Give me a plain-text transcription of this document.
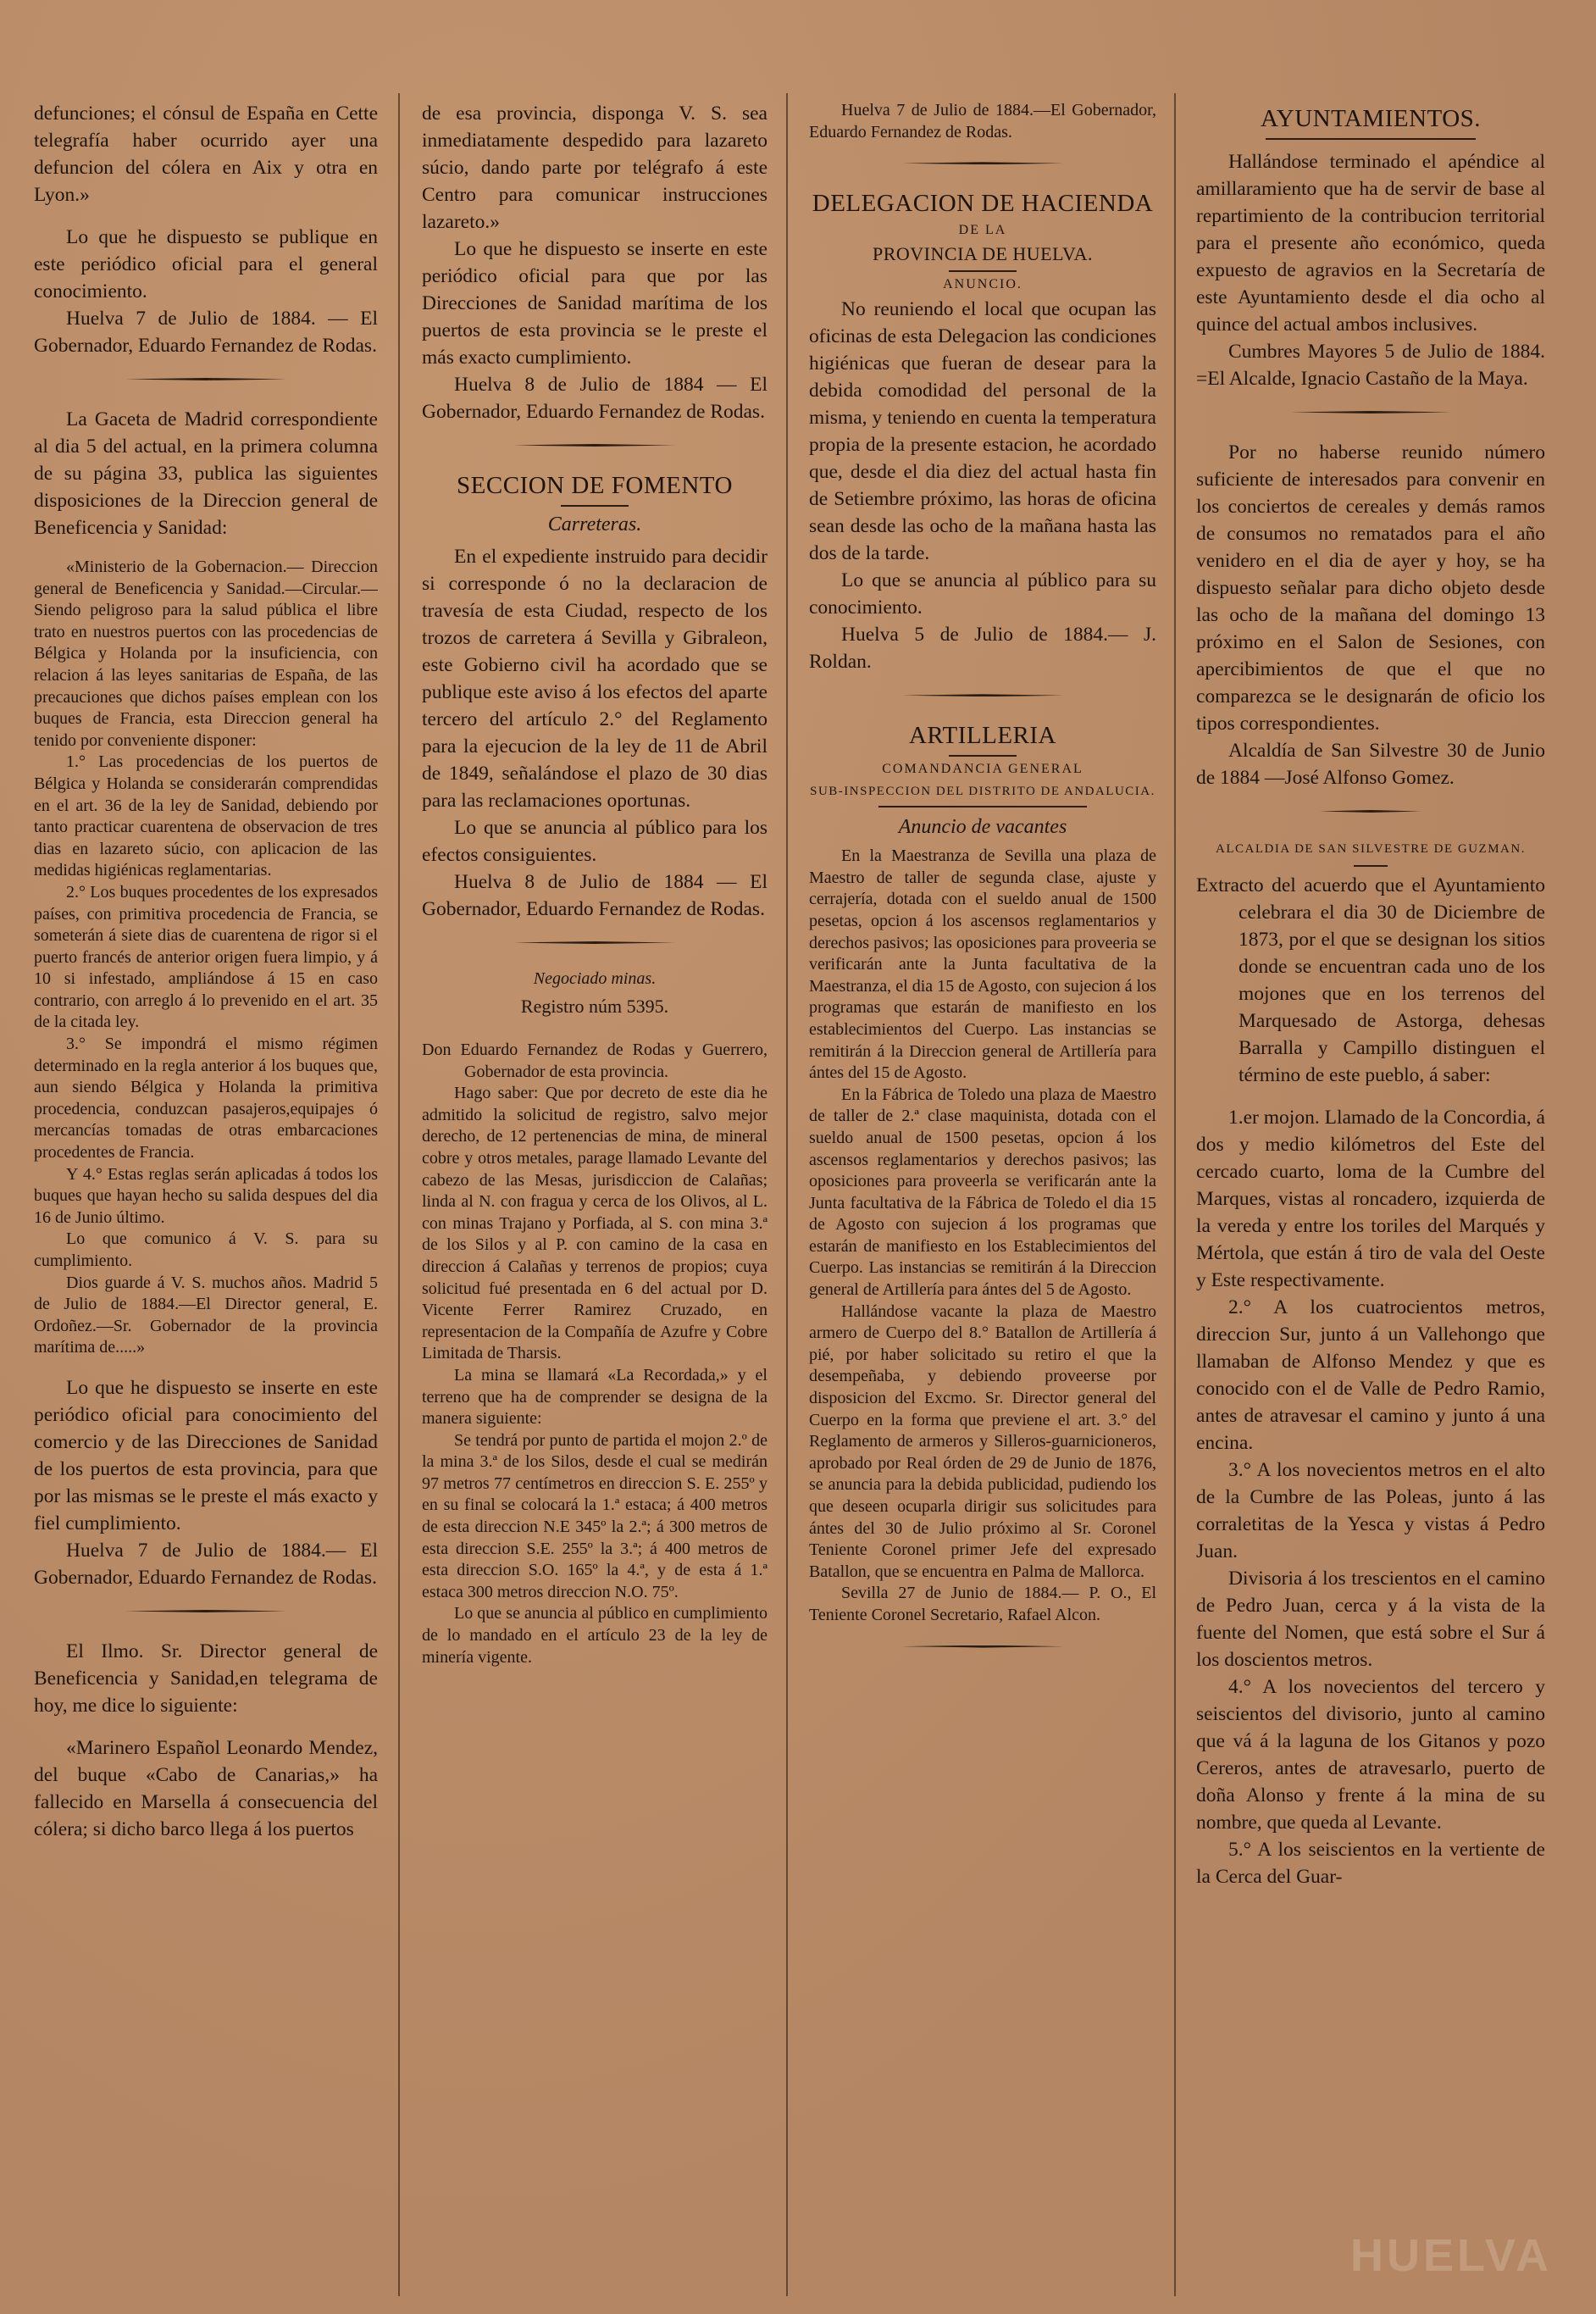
defunciones; el cónsul de España en Cette telegrafía haber ocurrido ayer una defuncion del cólera en Aix y otra en Lyon.»

Lo que he dispuesto se publique en este periódico oficial para el general conocimiento.

Huelva 7 de Julio de 1884. — El Gobernador, Eduardo Fernandez de Rodas.

La Gaceta de Madrid correspondiente al dia 5 del actual, en la primera columna de su página 33, publica las siguientes disposiciones de la Direccion general de Beneficencia y Sanidad:

«Ministerio de la Gobernacion.— Direccion general de Beneficencia y Sanidad.—Circular.—Siendo peligroso para la salud pública el libre trato en nuestros puertos con las procedencias de Bélgica y Holanda por la insuficiencia, con relacion á las leyes sanitarias de España, de las precauciones que dichos países emplean con los buques de Francia, esta Direccion general ha tenido por conveniente disponer:

1.° Las procedencias de los puertos de Bélgica y Holanda se considerarán comprendidas en el art. 36 de la ley de Sanidad, debiendo por tanto practicar cuarentena de observacion de tres dias en lazareto súcio, con aplicacion de las medidas higiénicas reglamentarias.

2.° Los buques procedentes de los expresados países, con primitiva procedencia de Francia, se someterán á siete dias de cuarentena de rigor si el puerto francés de anterior origen fuera limpio, y á 10 si infestado, ampliándose á 15 en caso contrario, con arreglo á lo prevenido en el art. 35 de la citada ley.

3.° Se impondrá el mismo régimen determinado en la regla anterior á los buques que, aun siendo Bélgica y Holanda la primitiva procedencia, conduzcan pasajeros,equipajes ó mercancías tomadas de otras embarcaciones procedentes de Francia.

Y 4.° Estas reglas serán aplicadas á todos los buques que hayan hecho su salida despues del dia 16 de Junio último.

Lo que comunico á V. S. para su cumplimiento.

Dios guarde á V. S. muchos años. Madrid 5 de Julio de 1884.—El Director general, E. Ordoñez.—Sr. Gobernador de la provincia marítima de.....»

Lo que he dispuesto se inserte en este periódico oficial para conocimiento del comercio y de las Direcciones de Sanidad de los puertos de esta provincia, para que por las mismas se le preste el más exacto y fiel cumplimiento.

Huelva 7 de Julio de 1884.— El Gobernador, Eduardo Fernandez de Rodas.

El Ilmo. Sr. Director general de Beneficencia y Sanidad,en telegrama de hoy, me dice lo siguiente:

«Marinero Español Leonardo Mendez, del buque «Cabo de Canarias,» ha fallecido en Marsella á consecuencia del cólera; si dicho barco llega á los puertos

de esa provincia, disponga V. S. sea inmediatamente despedido para lazareto súcio, dando parte por telégrafo á este Centro para comunicar instrucciones lazareto.»

Lo que he dispuesto se inserte en este periódico oficial para que por las Direcciones de Sanidad marítima de los puertos de esta provincia se le preste el más exacto cumplimiento.

Huelva 8 de Julio de 1884 — El Gobernador, Eduardo Fernandez de Rodas.

SECCION DE FOMENTO
Carreteras.

En el expediente instruido para decidir si corresponde ó no la declaracion de travesía de esta Ciudad, respecto de los trozos de carretera á Sevilla y Gibraleon, este Gobierno civil ha acordado que se publique este aviso á los efectos del aparte tercero del artículo 2.° del Reglamento para la ejecucion de la ley de 11 de Abril de 1849, señalándose el plazo de 30 dias para las reclamaciones oportunas.

Lo que se anuncia al público para los efectos consiguientes.

Huelva 8 de Julio de 1884 — El Gobernador, Eduardo Fernandez de Rodas.

Negociado minas.
Registro núm 5395.

Don Eduardo Fernandez de Rodas y Guerrero, Gobernador de esta provincia.

Hago saber: Que por decreto de este dia he admitido la solicitud de registro, salvo mejor derecho, de 12 pertenencias de mina, de mineral cobre y otros metales, parage llamado Levante del cabezo de las Mesas, jurisdiccion de Calañas; linda al N. con fragua y cerca de los Olivos, al L. con minas Trajano y Porfiada, al S. con mina 3.ª de los Silos y al P. con camino de la casa en direccion á Calañas y terrenos de propios; cuya solicitud fué presentada en 6 del actual por D. Vicente Ferrer Ramirez Cruzado, en representacion de la Compañía de Azufre y Cobre Limitada de Tharsis.

La mina se llamará «La Recordada,» y el terreno que ha de comprender se designa de la manera siguiente:

Se tendrá por punto de partida el mojon 2.º de la mina 3.ª de los Silos, desde el cual se medirán 97 metros 77 centímetros en direccion S. E. 255º y en su final se colocará la 1.ª estaca; á 400 metros de esta direccion N.E 345º la 2.ª; á 300 metros de esta direccion S.E. 255º la 3.ª; á 400 metros de esta direccion S.O. 165º la 4.ª, y de esta á 1.ª estaca 300 metros direccion N.O. 75º.

Lo que se anuncia al público en cumplimiento de lo mandado en el artículo 23 de la ley de minería vigente.

Huelva 7 de Julio de 1884.—El Gobernador, Eduardo Fernandez de Rodas.

DELEGACION DE HACIENDA
DE LA
PROVINCIA DE HUELVA.
ANUNCIO.

No reuniendo el local que ocupan las oficinas de esta Delegacion las condiciones higiénicas que fueran de desear para la debida comodidad del personal de la misma, y teniendo en cuenta la temperatura propia de la presente estacion, he acordado que, desde el dia diez del actual hasta fin de Setiembre próximo, las horas de oficina sean desde las ocho de la mañana hasta las dos de la tarde.

Lo que se anuncia al público para su conocimiento.

Huelva 5 de Julio de 1884.— J. Roldan.

ARTILLERIA
COMANDANCIA GENERAL
SUB-INSPECCION DEL DISTRITO DE ANDALUCIA.
Anuncio de vacantes

En la Maestranza de Sevilla una plaza de Maestro de taller de segunda clase, ajuste y cerrajería, dotada con el sueldo anual de 1500 pesetas, opcion á los ascensos reglamentarios y derechos pasivos; las oposiciones para proveeria se verificarán ante la Junta facultativa de la Maestranza, el dia 15 de Agosto, con sujecion á los programas que estarán de manifiesto en los establecimientos del Cuerpo. Las instancias se remitirán á la Direccion general de Artillería para ántes del 15 de Agosto.

En la Fábrica de Toledo una plaza de Maestro de taller de 2.ª clase maquinista, dotada con el sueldo anual de 1500 pesetas, opcion á los ascensos reglamentarios y derechos pasivos; las oposiciones para proveerla se verificarán ante la Junta facultativa de la Fábrica de Toledo el dia 15 de Agosto con sujecion á los programas que estarán de manifiesto en los Establecimientos del Cuerpo. Las instancias se remitirán á la Direccion general de Artillería para ántes del 5 de Agosto.

Hallándose vacante la plaza de Maestro armero de Cuerpo del 8.° Batallon de Artillería á pié, por haber solicitado su retiro el que la desempeñaba, y debiendo proveerse por disposicion del Excmo. Sr. Director general del Cuerpo en la forma que previene el art. 3.° del Reglamento de armeros y Silleros-guarnicioneros, aprobado por Real órden de 29 de Junio de 1876, se anuncia para la debida publicidad, pudiendo los que deseen ocuparla dirigir sus solicitudes para ántes del 30 de Julio próximo al Sr. Coronel Teniente Coronel primer Jefe del expresado Batallon, que se encuentra en Palma de Mallorca.

Sevilla 27 de Junio de 1884.— P. O., El Teniente Coronel Secretario, Rafael Alcon.

AYUNTAMIENTOS.

Hallándose terminado el apéndice al amillaramiento que ha de servir de base al repartimiento de la contribucion territorial para el presente año económico, queda expuesto de agravios en la Secretaría de este Ayuntamiento desde el dia ocho al quince del actual ambos inclusives.

Cumbres Mayores 5 de Julio de 1884. =El Alcalde, Ignacio Castaño de la Maya.

Por no haberse reunido número suficiente de interesados para convenir en los conciertos de cereales y demás ramos de consumos no rematados para el año venidero en el dia de ayer y hoy, se ha dispuesto señalar para dicho objeto desde las ocho de la mañana del domingo 13 próximo en el Salon de Sesiones, con apercibimientos de que el que no comparezca se le designarán de oficio los tipos correspondientes.

Alcaldía de San Silvestre 30 de Junio de 1884 —José Alfonso Gomez.

ALCALDIA DE SAN SILVESTRE DE GUZMAN.

Extracto del acuerdo que el Ayuntamiento celebrara el dia 30 de Diciembre de 1873, por el que se designan los sitios donde se encuentran cada uno de los mojones que en los terrenos del Marquesado de Astorga, dehesas Barralla y Campillo distinguen el término de este pueblo, á saber:

1.er mojon. Llamado de la Concordia, á dos y medio kilómetros del Este del cercado cuarto, loma de la Cumbre del Marques, vistas al roncadero, izquierda de la vereda y entre los toriles del Marqués y Mértola, que están á tiro de vala del Oeste y Este respectivamente.

2.° A los cuatrocientos metros, direccion Sur, junto á un Vallehongo que llamaban de Alfonso Mendez y que es conocido con el de Valle de Pedro Ramio, antes de atravesar el camino y junto á una encina.

3.° A los novecientos metros en el alto de la Cumbre de las Poleas, junto á las corraletitas de la Yesca y vistas á Pedro Juan.

Divisoria á los trescientos en el camino de Pedro Juan, cerca y á la vista de la fuente del Nomen, que está sobre el Sur á los doscientos metros.

4.° A los novecientos del tercero y seiscientos del divisorio, junto al camino que vá á la laguna de los Gitanos y pozo Cereros, antes de atravesarlo, puerto de doña Alonso y frente á la mina de su nombre, que queda al Levante.

5.° A los seiscientos en la vertiente de la Cerca del Guar-

HUELVA
